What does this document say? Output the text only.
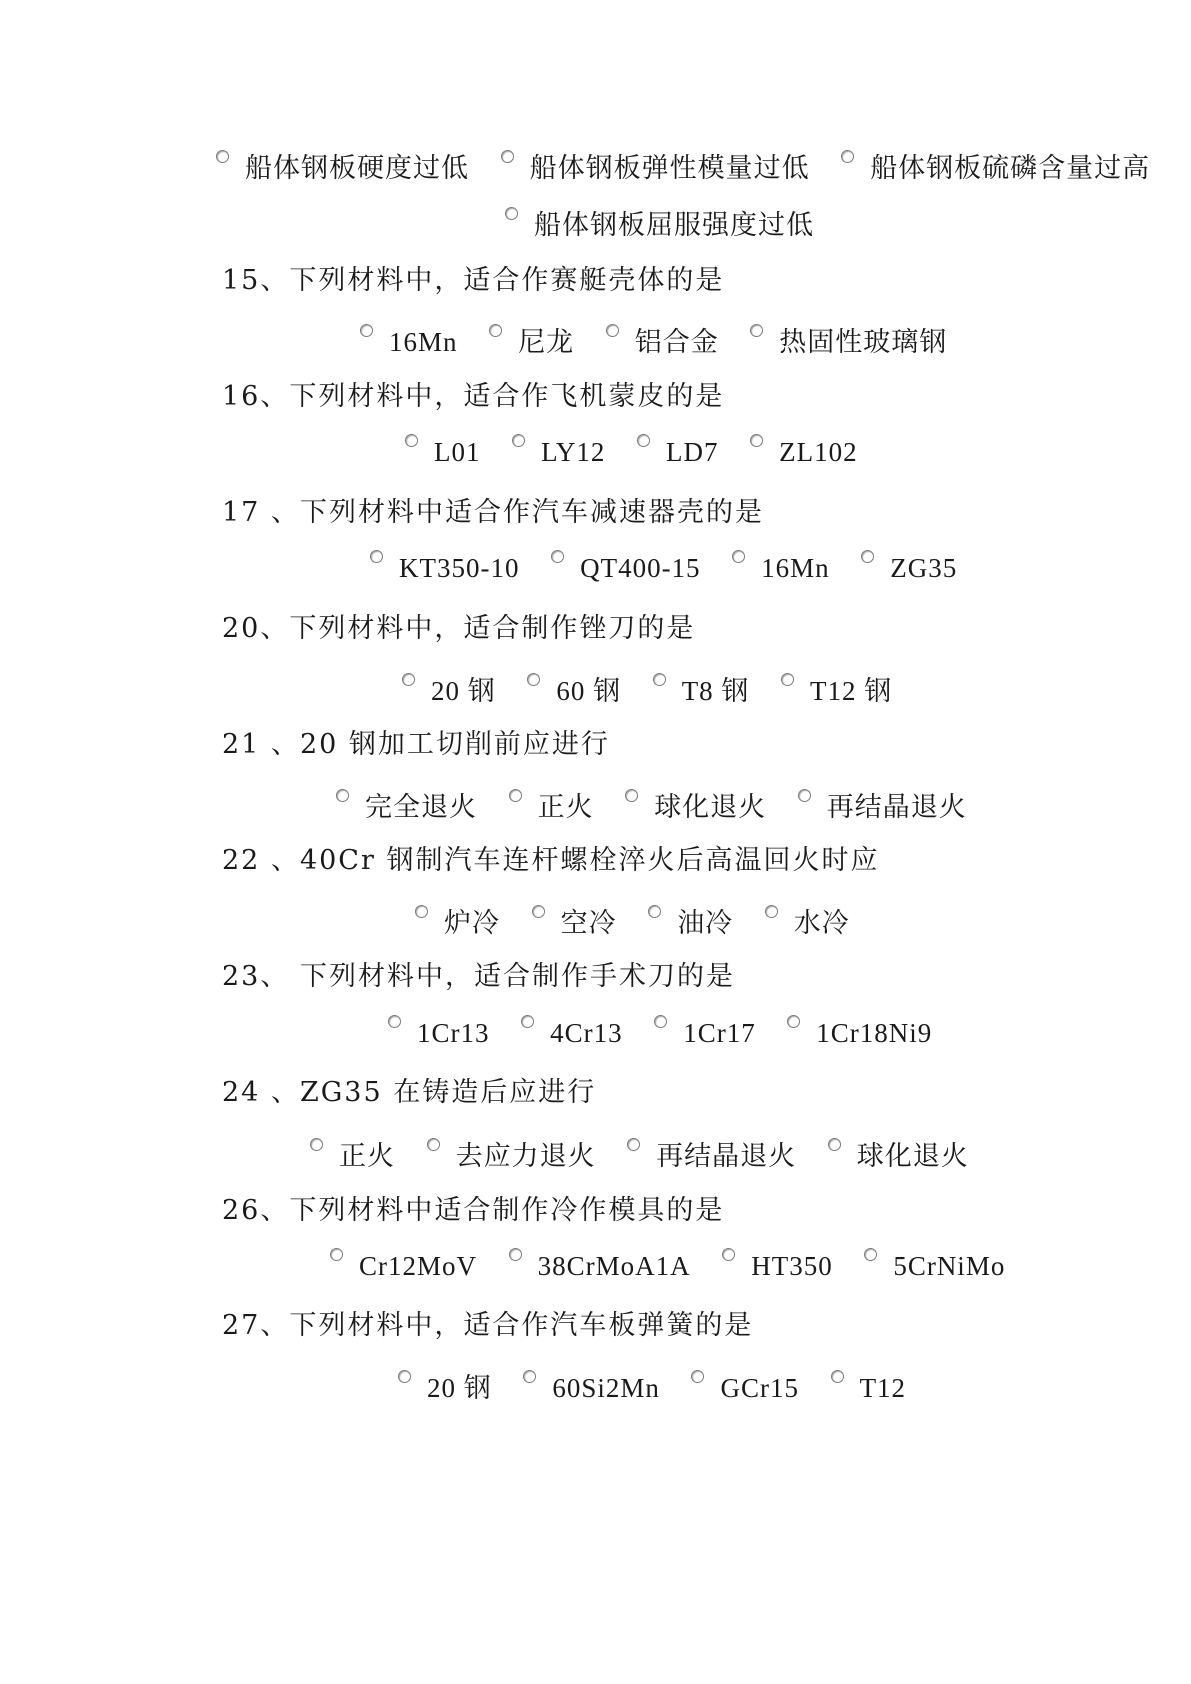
船体钢板硬度过低 船体钢板弹性模量过低 船体钢板硫磷含量过高
船体钢板屈服强度过低
15、下列材料中，适合作赛艇壳体的是
16Mn 尼龙 铝合金 热固性玻璃钢
16、下列材料中，适合作飞机蒙皮的是
L01 LY12 LD7 ZL102
17 、下列材料中适合作汽车减速器壳的是
KT350-10 QT400-15 16Mn ZG35
20、下列材料中，适合制作锉刀的是
20 钢 60 钢 T8 钢 T12 钢
21 、20 钢加工切削前应进行
完全退火 正火 球化退火 再结晶退火
22 、40Cr 钢制汽车连杆螺栓淬火后高温回火时应
炉冷 空冷 油冷 水冷
23、 下列材料中，适合制作手术刀的是
1Cr13 4Cr13 1Cr17 1Cr18Ni9
24 、ZG35 在铸造后应进行
正火 去应力退火 再结晶退火 球化退火
26、下列材料中适合制作冷作模具的是
Cr12MoV 38CrMoA1A HT350 5CrNiMo
27、下列材料中，适合作汽车板弹簧的是
20 钢 60Si2Mn GCr15 T12
